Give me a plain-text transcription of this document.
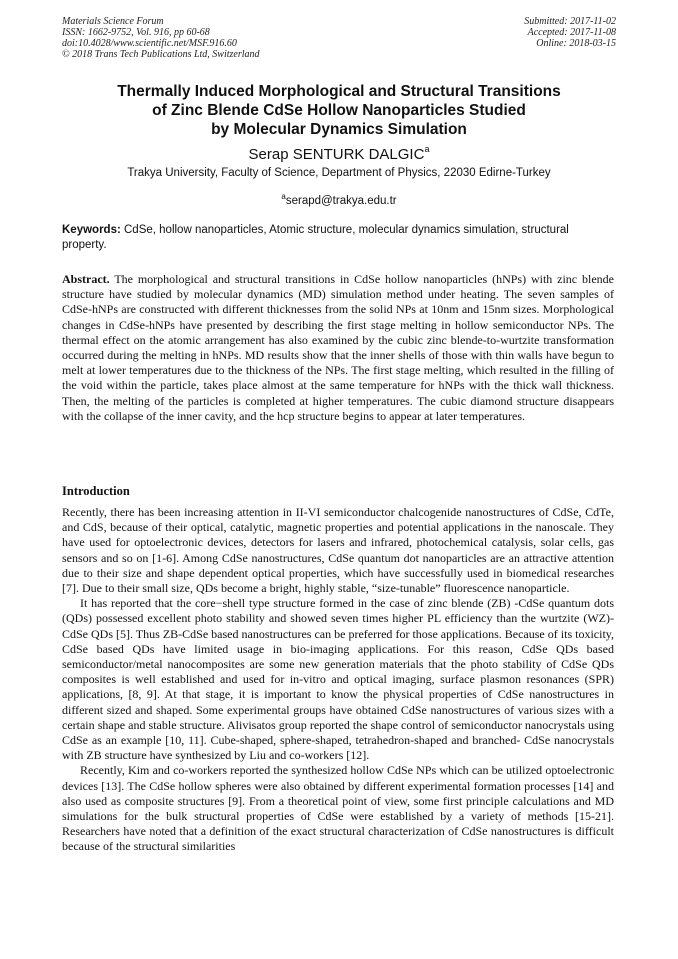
Materials Science Forum
ISSN: 1662-9752, Vol. 916, pp 60-68
doi:10.4028/www.scientific.net/MSF.916.60
© 2018 Trans Tech Publications Ltd, Switzerland
Submitted: 2017-11-02
Accepted: 2017-11-08
Online: 2018-03-15
Thermally Induced Morphological and Structural Transitions
of Zinc Blende CdSe Hollow Nanoparticles Studied
by Molecular Dynamics Simulation
Serap SENTURK DALGIC$^a$
Trakya University, Faculty of Science, Department of Physics, 22030 Edirne-Turkey
$^a$serapd@trakya.edu.tr
Keywords: CdSe, hollow nanoparticles, Atomic structure, molecular dynamics simulation, structural property.
Abstract. The morphological and structural transitions in CdSe hollow nanoparticles (hNPs) with zinc blende structure have studied by molecular dynamics (MD) simulation method under heating. The seven samples of CdSe-hNPs are constructed with different thicknesses from the solid NPs at 10nm and 15nm sizes. Morphological changes in CdSe-hNPs have presented by describing the first stage melting in hollow semiconductor NPs. The thermal effect on the atomic arrangement has also examined by the cubic zinc blende-to-wurtzite transformation occurred during the melting in hNPs. MD results show that the inner shells of those with thin walls have begun to melt at lower temperatures due to the thickness of the NPs. The first stage melting, which resulted in the filling of the void within the particle, takes place almost at the same temperature for hNPs with the thick wall thickness. Then, the melting of the particles is completed at higher temperatures. The cubic diamond structure disappears with the collapse of the inner cavity, and the hcp structure begins to appear at later temperatures.
Introduction

Recently, there has been increasing attention in II-VI semiconductor chalcogenide nanostructures of CdSe, CdTe, and CdS, because of their optical, catalytic, magnetic properties and potential applications in the nanoscale. They have used for optoelectronic devices, detectors for lasers and infrared, photochemical catalysis, solar cells, gas sensors and so on [1-6]. Among CdSe nanostructures, CdSe quantum dot nanoparticles are an attractive attention due to their size and shape dependent optical properties, which have successfully used in biomedical researches [7]. Due to their small size, QDs become a bright, highly stable, “size-tunable” fluorescence nanoparticle.

It has reported that the core−shell type structure formed in the case of zinc blende (ZB) -CdSe quantum dots (QDs) possessed excellent photo stability and showed seven times higher PL efficiency than the wurtzite (WZ)-CdSe QDs [5]. Thus ZB-CdSe based nanostructures can be preferred for those applications. Because of its toxicity, CdSe based QDs have limited usage in bio-imaging applications. For this reason, CdSe QDs based semiconductor/metal nanocomposites are some new generation materials that the photo stability of CdSe QDs composites is well established and used for in-vitro and optical imaging, surface plasmon resonances (SPR) applications, [8, 9]. At that stage, it is important to know the physical properties of CdSe nanostructures in different sized and shaped. Some experimental groups have obtained CdSe nanostructures of various sizes with a certain shape and stable structure. Alivisatos group reported the shape control of semiconductor nanocrystals using CdSe as an example [10, 11]. Cube-shaped, sphere-shaped, tetrahedron-shaped and branched- CdSe nanocrystals with ZB structure have synthesized by Liu and co-workers [12].

Recently, Kim and co-workers reported the synthesized hollow CdSe NPs which can be utilized optoelectronic devices [13]. The CdSe hollow spheres were also obtained by different experimental formation processes [14] and also used as composite structures [9]. From a theoretical point of view, some first principle calculations and MD simulations for the bulk structural properties of CdSe were established by a variety of methods [15-21]. Researchers have noted that a definition of the exact structural characterization of CdSe nanostructures is difficult because of the structural similarities
